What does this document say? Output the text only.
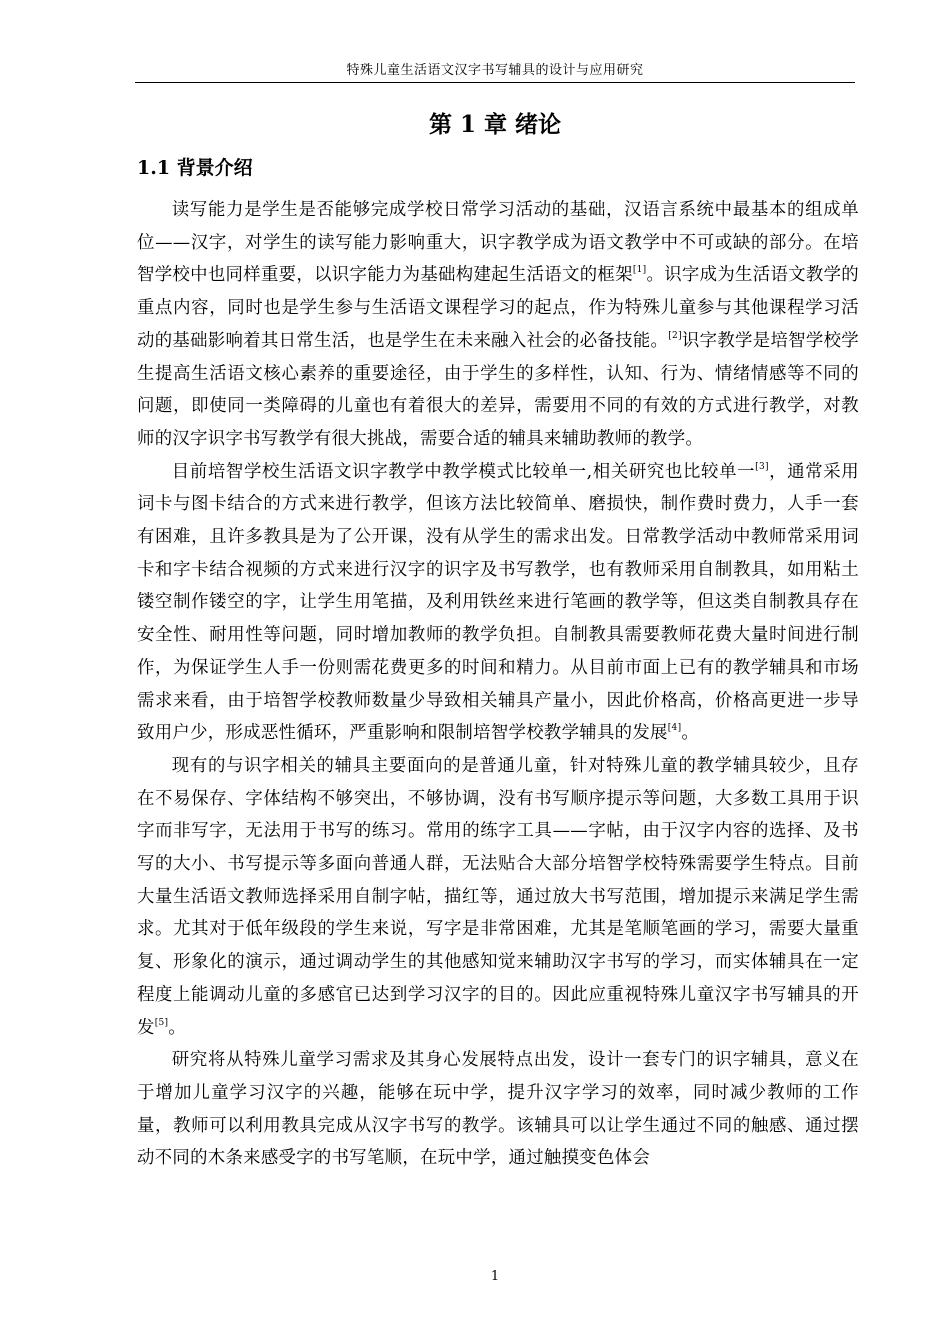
特殊儿童生活语文汉字书写辅具的设计与应用研究
第 1 章 绪论
1.1 背景介绍

读写能力是学生是否能够完成学校日常学习活动的基础，汉语言系统中最基本的组成单位——汉字，对学生的读写能力影响重大，识字教学成为语文教学中不可或缺的部分。在培智学校中也同样重要，以识字能力为基础构建起生活语文的框架[1]。识字成为生活语文教学的重点内容，同时也是学生参与生活语文课程学习的起点，作为特殊儿童参与其他课程学习活动的基础影响着其日常生活，也是学生在未来融入社会的必备技能。[2]识字教学是培智学校学生提高生活语文核心素养的重要途径，由于学生的多样性，认知、行为、情绪情感等不同的问题，即使同一类障碍的儿童也有着很大的差异，需要用不同的有效的方式进行教学，对教师的汉字识字书写教学有很大挑战，需要合适的辅具来辅助教师的教学。

目前培智学校生活语文识字教学中教学模式比较单一,相关研究也比较单一[3]，通常采用词卡与图卡结合的方式来进行教学，但该方法比较简单、磨损快，制作费时费力，人手一套有困难，且许多教具是为了公开课，没有从学生的需求出发。日常教学活动中教师常采用词卡和字卡结合视频的方式来进行汉字的识字及书写教学，也有教师采用自制教具，如用粘土镂空制作镂空的字，让学生用笔描，及利用铁丝来进行笔画的教学等，但这类自制教具存在安全性、耐用性等问题，同时增加教师的教学负担。自制教具需要教师花费大量时间进行制作，为保证学生人手一份则需花费更多的时间和精力。从目前市面上已有的教学辅具和市场需求来看，由于培智学校教师数量少导致相关辅具产量小，因此价格高，价格高更进一步导致用户少，形成恶性循环，严重影响和限制培智学校教学辅具的发展[4]。

现有的与识字相关的辅具主要面向的是普通儿童，针对特殊儿童的教学辅具较少，且存在不易保存、字体结构不够突出，不够协调，没有书写顺序提示等问题，大多数工具用于识字而非写字，无法用于书写的练习。常用的练字工具——字帖，由于汉字内容的选择、及书写的大小、书写提示等多面向普通人群，无法贴合大部分培智学校特殊需要学生特点。目前大量生活语文教师选择采用自制字帖，描红等，通过放大书写范围，增加提示来满足学生需求。尤其对于低年级段的学生来说，写字是非常困难，尤其是笔顺笔画的学习，需要大量重复、形象化的演示，通过调动学生的其他感知觉来辅助汉字书写的学习，而实体辅具在一定程度上能调动儿童的多感官已达到学习汉字的目的。因此应重视特殊儿童汉字书写辅具的开发[5]。

研究将从特殊儿童学习需求及其身心发展特点出发，设计一套专门的识字辅具，意义在于增加儿童学习汉字的兴趣，能够在玩中学，提升汉字学习的效率，同时减少教师的工作量，教师可以利用教具完成从汉字书写的教学。该辅具可以让学生通过不同的触感、通过摆动不同的木条来感受字的书写笔顺，在玩中学，通过触摸变色体会

1
